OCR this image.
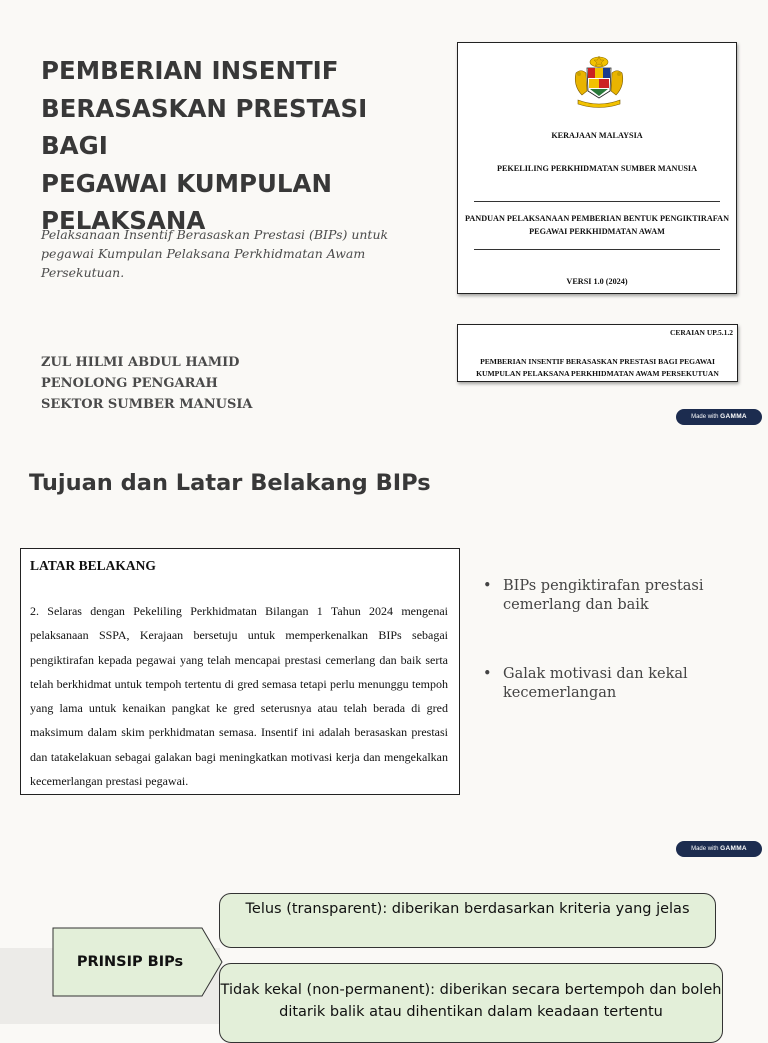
PEMBERIAN INSENTIF
BERASASKAN PRESTASI BAGI
PEGAWAI KUMPULAN
PELAKSANA

Pelaksanaan Insentif Berasaskan Prestasi (BIPs) untuk pegawai Kumpulan Pelaksana Perkhidmatan Awam Persekutuan.

ZUL HILMI ABDUL HAMID
PENOLONG PENGARAH
SEKTOR SUMBER MANUSIA
KERAJAAN MALAYSIA
PEKELILING PERKHIDMATAN SUMBER MANUSIA
PANDUAN PELAKSANAAN PEMBERIAN BENTUK PENGIKTIRAFAN
PEGAWAI PERKHIDMATAN AWAM
VERSI 1.0 (2024)
CERAIAN UP.5.1.2
PEMBERIAN INSENTIF BERASASKAN PRESTASI BAGI PEGAWAI
KUMPULAN PELAKSANA PERKHIDMATAN AWAM PERSEKUTUAN
Made with GAMMA
Tujuan dan Latar Belakang BIPs
LATAR BELAKANG
2. Selaras dengan Pekeliling Perkhidmatan Bilangan 1 Tahun 2024 mengenai pelaksanaan SSPA, Kerajaan bersetuju untuk memperkenalkan BIPs sebagai pengiktirafan kepada pegawai yang telah mencapai prestasi cemerlang dan baik serta telah berkhidmat untuk tempoh tertentu di gred semasa tetapi perlu menunggu tempoh yang lama untuk kenaikan pangkat ke gred seterusnya atau telah berada di gred maksimum dalam skim perkhidmatan semasa. Insentif ini adalah berasaskan prestasi dan tatakelakuan sebagai galakan bagi meningkatkan motivasi kerja dan mengekalkan kecemerlangan prestasi pegawai.
• BIPs pengiktirafan prestasi cemerlang dan baik
• Galak motivasi dan kekal kecemerlangan
Made with GAMMA
Telus (transparent): diberikan berdasarkan kriteria yang jelas
Tidak kekal (non-permanent): diberikan secara bertempoh dan boleh ditarik balik atau dihentikan dalam keadaan tertentu
PRINSIP BIPs
